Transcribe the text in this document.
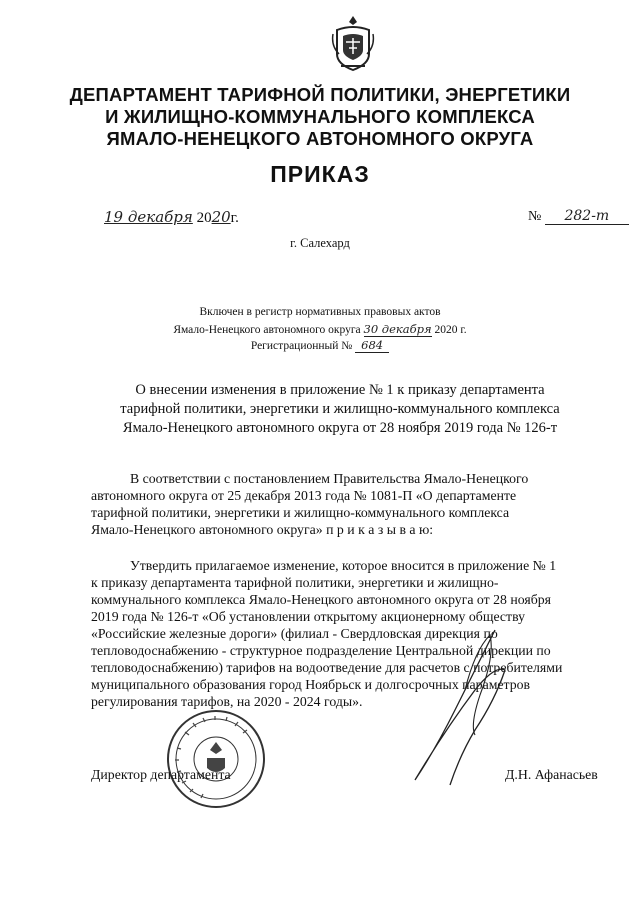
ДЕПАРТАМЕНТ ТАРИФНОЙ ПОЛИТИКИ, ЭНЕРГЕТИКИ
И ЖИЛИЩНО-КОММУНАЛЬНОГО КОМПЛЕКСА
ЯМАЛО-НЕНЕЦКОГО АВТОНОМНОГО ОКРУГА
ПРИКАЗ
19 декабря 2020г.	№ 282-т
г. Салехард
Включен в регистр нормативных правовых актов
Ямало-Ненецкого автономного округа 30 декабря 2020 г.
Регистрационный № 684
О внесении изменения в приложение № 1 к приказу департамента
тарифной политики, энергетики и жилищно-коммунального комплекса
Ямало-Ненецкого автономного округа от 28 ноября 2019 года № 126-т
В соответствии с постановлением Правительства Ямало-Ненецкого
автономного округа от 25 декабря 2013 года № 1081-П «О департаменте
тарифной политики, энергетики и жилищно-коммунального комплекса
Ямало-Ненецкого автономного округа» п р и к а з ы в а ю:
Утвердить прилагаемое изменение, которое вносится в приложение № 1
к приказу департамента тарифной политики, энергетики и жилищно-
коммунального комплекса Ямало-Ненецкого автономного округа от 28 ноября
2019 года № 126-т «Об установлении открытому акционерному обществу
«Российские железные дороги» (филиал - Свердловская дирекция по
тепловодоснабжению - структурное подразделение Центральной дирекции по
тепловодоснабжению) тарифов на водоотведение для расчетов с потребителями
муниципального образования город Ноябрьск и долгосрочных параметров
регулирования тарифов, на 2020 - 2024 годы».
Директор департамента	Д.Н. Афанасьев
